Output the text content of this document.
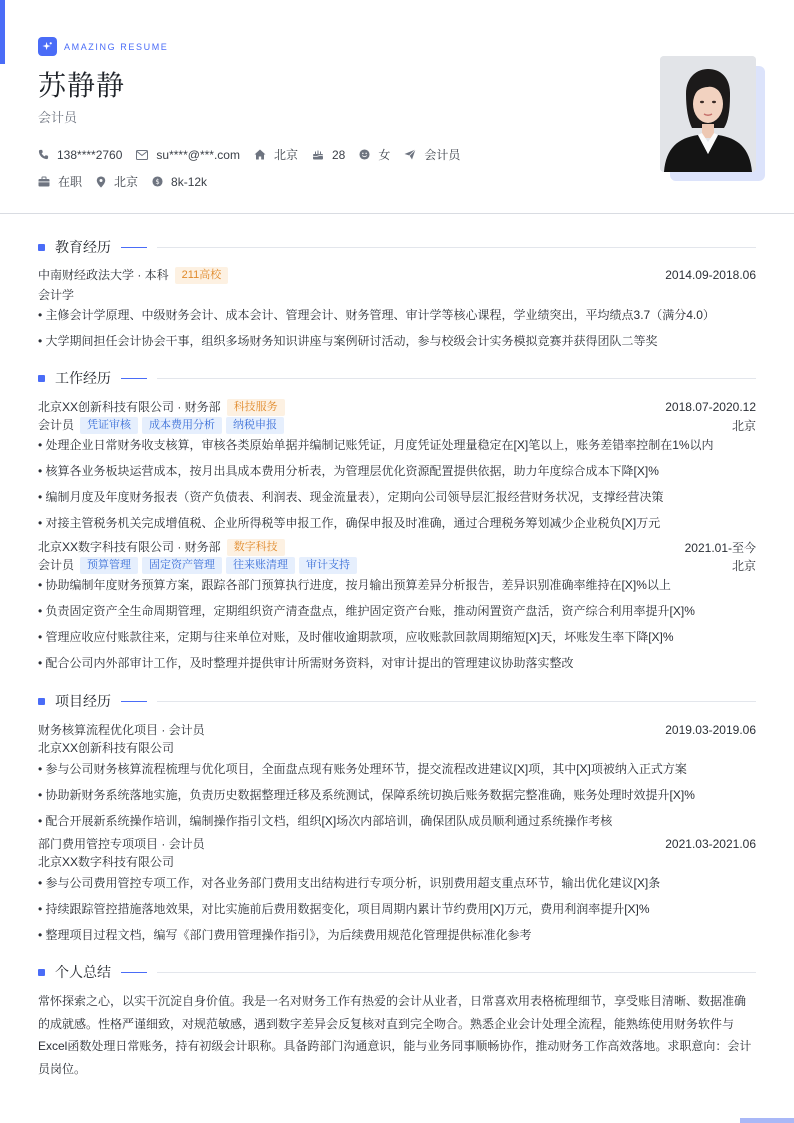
AMAZING RESUME
苏静静
会计员
138****2760	su****@***.com	北京	28	女	会计员
在职	北京 $ 8k-12k
教育经历
中南财经政法大学 · 本科 211高校	2014.09-2018.06
会计学
• 主修会计学原理、中级财务会计、成本会计、管理会计、财务管理、审计学等核心课程，学业绩突出，平均绩点3.7（满分4.0）
• 大学期间担任会计协会干事，组织多场财务知识讲座与案例研讨活动，参与校级会计实务模拟竞赛并获得团队二等奖
工作经历
北京XX创新科技有限公司 · 财务部 科技服务	2018.07-2020.12
会计员 凭证审核 成本费用分析 纳税申报	北京
• 处理企业日常财务收支核算，审核各类原始单据并编制记账凭证，月度凭证处理量稳定在[X]笔以上，账务差错率控制在1%以内
• 核算各业务板块运营成本，按月出具成本费用分析表，为管理层优化资源配置提供依据，助力年度综合成本下降[X]%
• 编制月度及年度财务报表（资产负债表、利润表、现金流量表），定期向公司领导层汇报经营财务状况，支撑经营决策
• 对接主管税务机关完成增值税、企业所得税等申报工作，确保申报及时准确，通过合理税务筹划减少企业税负[X]万元
北京XX数字科技有限公司 · 财务部 数字科技	2021.01-至今
会计员 预算管理 固定资产管理 往来账清理 审计支持	北京
• 协助编制年度财务预算方案，跟踪各部门预算执行进度，按月输出预算差异分析报告，差异识别准确率维持在[X]%以上
• 负责固定资产全生命周期管理，定期组织资产清查盘点，维护固定资产台账，推动闲置资产盘活，资产综合利用率提升[X]%
• 管理应收应付账款往来，定期与往来单位对账，及时催收逾期款项，应收账款回款周期缩短[X]天，坏账发生率下降[X]%
• 配合公司内外部审计工作，及时整理并提供审计所需财务资料，对审计提出的管理建议协助落实整改
项目经历
财务核算流程优化项目 · 会计员	2019.03-2019.06
北京XX创新科技有限公司
• 参与公司财务核算流程梳理与优化项目，全面盘点现有账务处理环节，提交流程改进建议[X]项，其中[X]项被纳入正式方案
• 协助新财务系统落地实施，负责历史数据整理迁移及系统测试，保障系统切换后账务数据完整准确，账务处理时效提升[X]%
• 配合开展新系统操作培训，编制操作指引文档，组织[X]场次内部培训，确保团队成员顺利通过系统操作考核
部门费用管控专项项目 · 会计员	2021.03-2021.06
北京XX数字科技有限公司
• 参与公司费用管控专项工作，对各业务部门费用支出结构进行专项分析，识别费用超支重点环节，输出优化建议[X]条
• 持续跟踪管控措施落地效果，对比实施前后费用数据变化，项目周期内累计节约费用[X]万元，费用利润率提升[X]%
• 整理项目过程文档，编写《部门费用管理操作指引》，为后续费用规范化管理提供标准化参考
个人总结
常怀探索之心，以实干沉淀自身价值。我是一名对财务工作有热爱的会计从业者，日常喜欢用表格梳理细节，享受账目清晰、数据准确的成就感。性格严谨细致，对规范敏感，遇到数字差异会反复核对直到完全吻合。熟悉企业会计处理全流程，能熟练使用财务软件与Excel函数处理日常账务，持有初级会计职称。具备跨部门沟通意识，能与业务同事顺畅协作，推动财务工作高效落地。求职意向：会计员岗位。
